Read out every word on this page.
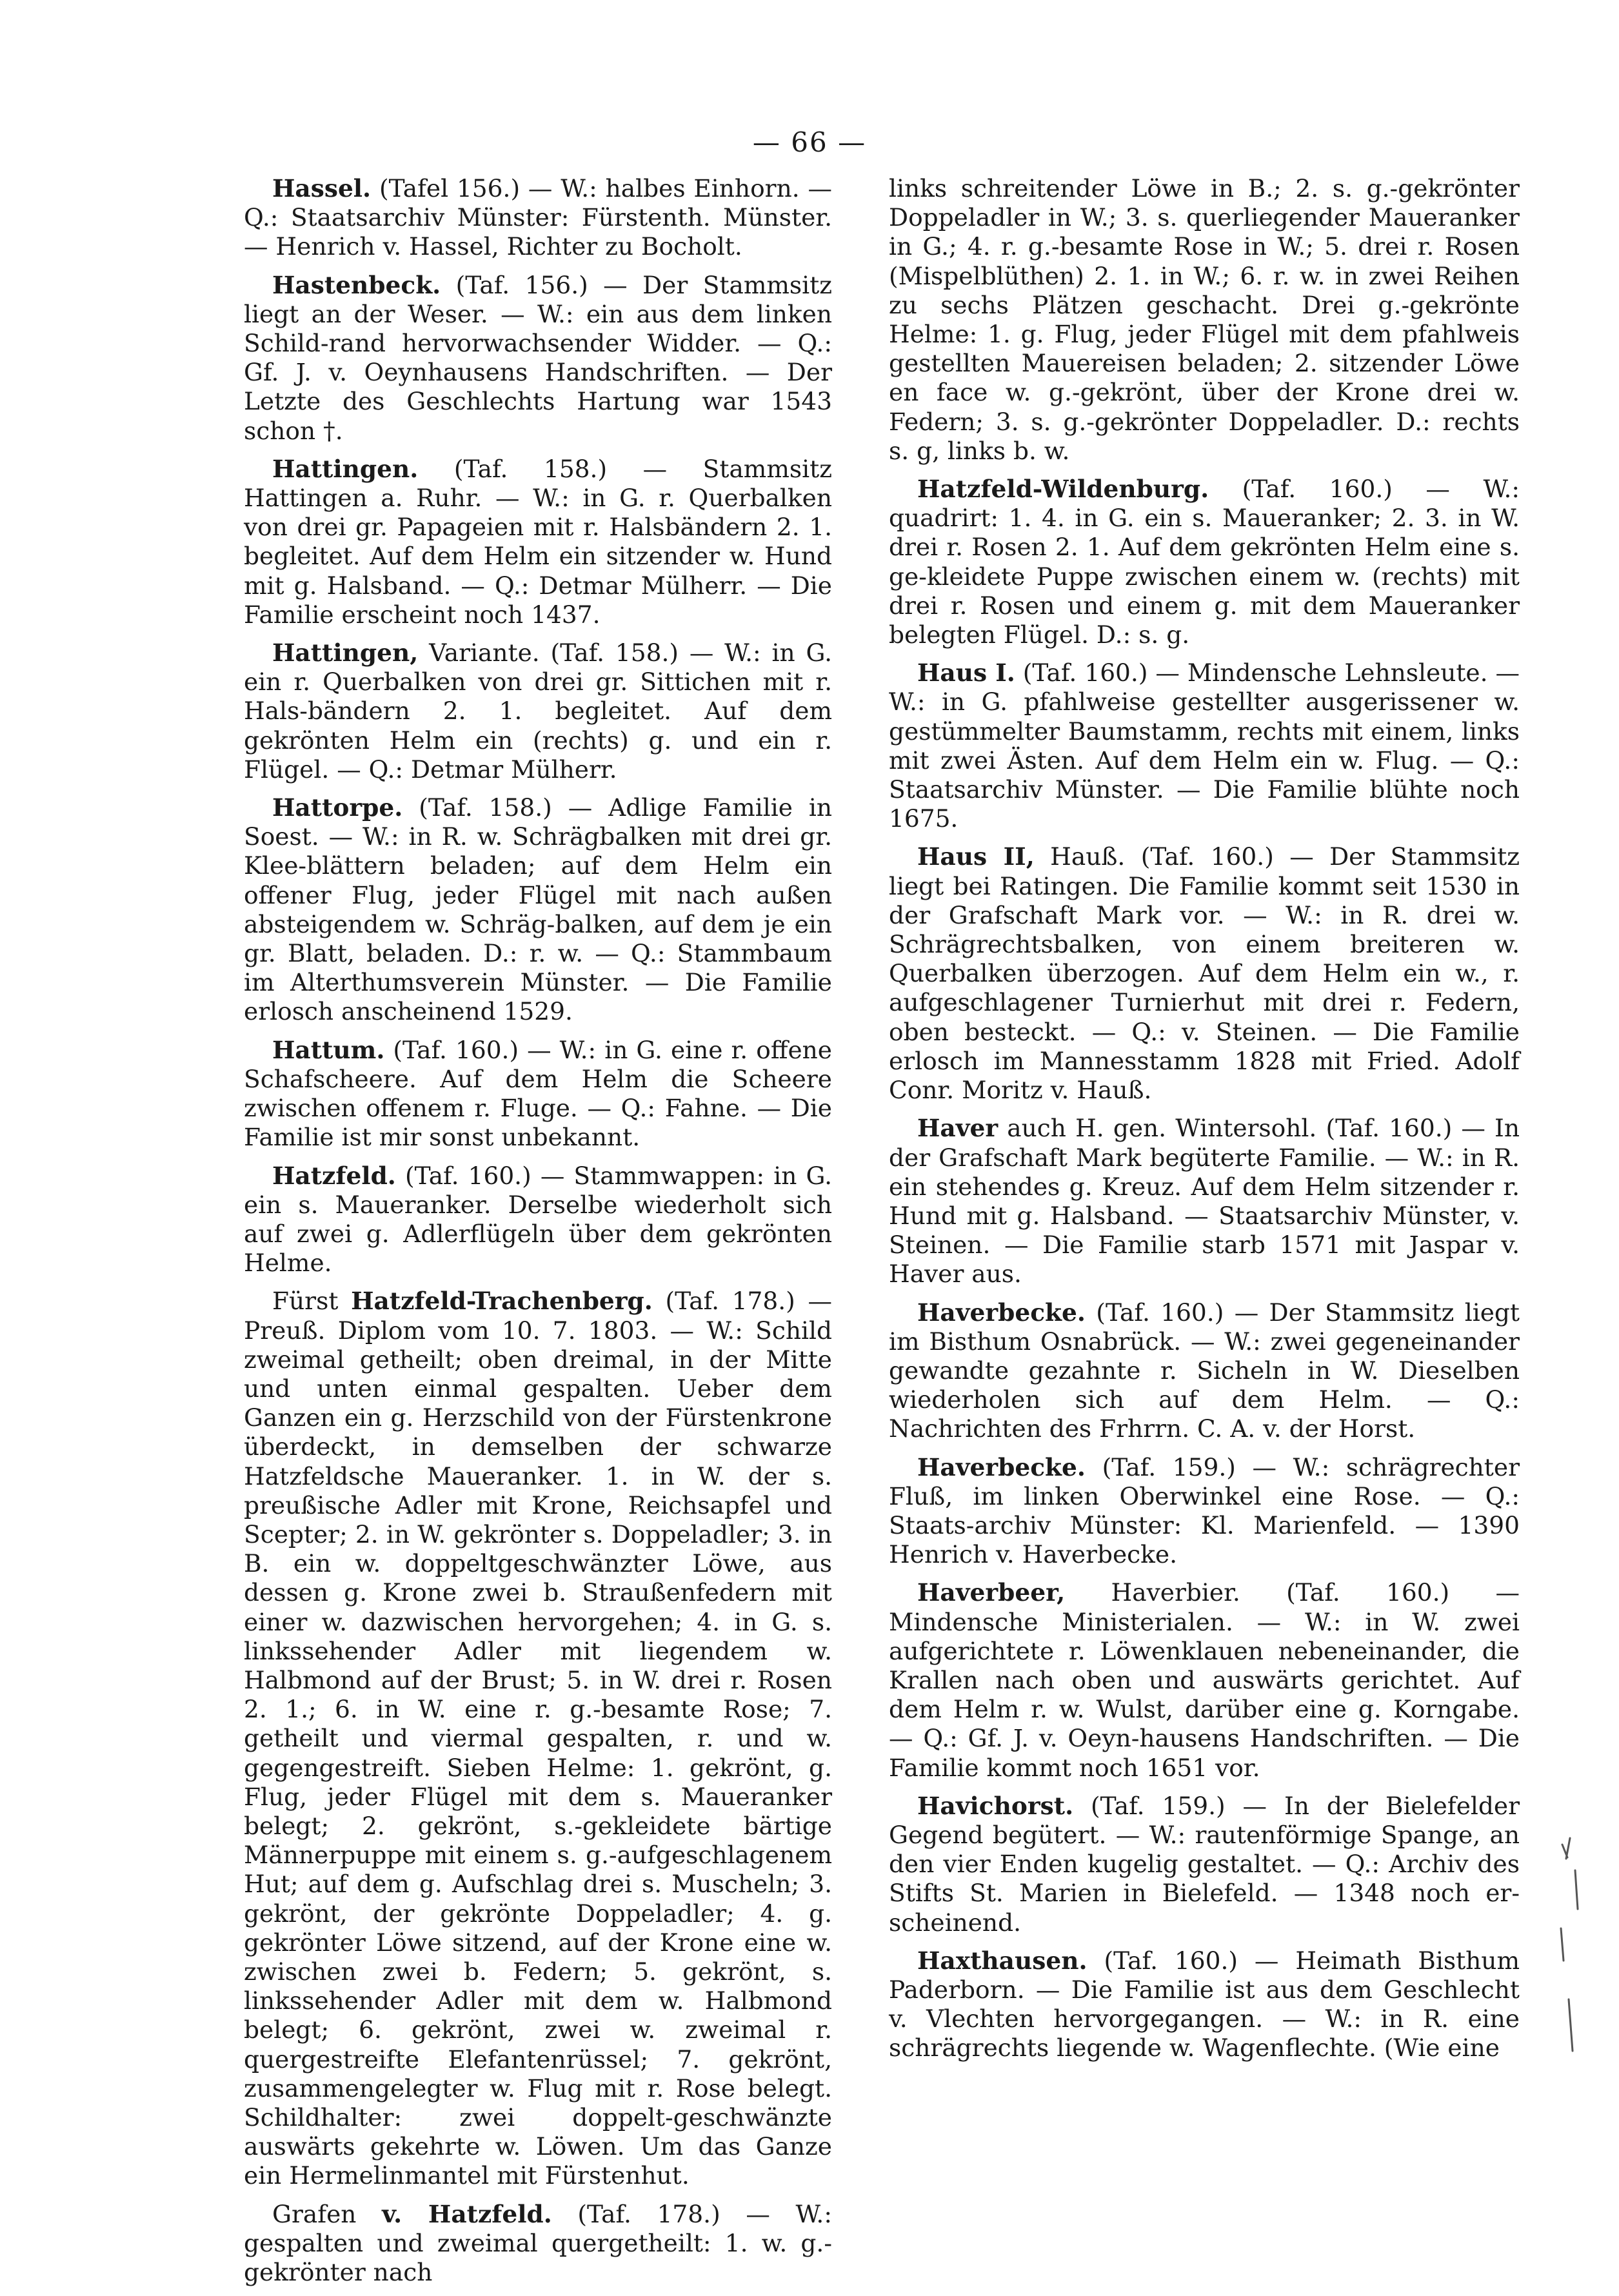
— 66 —

Hassel. (Tafel 156.) — W.: halbes Einhorn. — Q.: Staatsarchiv Münster: Fürstenth. Münster. — Henrich v. Hassel, Richter zu Bocholt.

Hastenbeck. (Taf. 156.) — Der Stammsitz liegt an der Weser. — W.: ein aus dem linken Schild-rand hervorwachsender Widder. — Q.: Gf. J. v. Oeynhausens Handschriften. — Der Letzte des Geschlechts Hartung war 1543 schon †.

Hattingen. (Taf. 158.) — Stammsitz Hattingen a. Ruhr. — W.: in G. r. Querbalken von drei gr. Papageien mit r. Halsbändern 2. 1. begleitet. Auf dem Helm ein sitzender w. Hund mit g. Halsband. — Q.: Detmar Mülherr. — Die Familie erscheint noch 1437.

Hattingen, Variante. (Taf. 158.) — W.: in G. ein r. Querbalken von drei gr. Sittichen mit r. Hals-bändern 2. 1. begleitet. Auf dem gekrönten Helm ein (rechts) g. und ein r. Flügel. — Q.: Detmar Mülherr.

Hattorpe. (Taf. 158.) — Adlige Familie in Soest. — W.: in R. w. Schrägbalken mit drei gr. Klee-blättern beladen; auf dem Helm ein offener Flug, jeder Flügel mit nach außen absteigendem w. Schräg-balken, auf dem je ein gr. Blatt, beladen. D.: r. w. — Q.: Stammbaum im Alterthumsverein Münster. — Die Familie erlosch anscheinend 1529.

Hattum. (Taf. 160.) — W.: in G. eine r. offene Schafscheere. Auf dem Helm die Scheere zwischen offenem r. Fluge. — Q.: Fahne. — Die Familie ist mir sonst unbekannt.

Hatzfeld. (Taf. 160.) — Stammwappen: in G. ein s. Maueranker. Derselbe wiederholt sich auf zwei g. Adlerflügeln über dem gekrönten Helme.

Fürst Hatzfeld-Trachenberg. (Taf. 178.) — Preuß. Diplom vom 10. 7. 1803. — W.: Schild zweimal getheilt; oben dreimal, in der Mitte und unten einmal gespalten. Ueber dem Ganzen ein g. Herzschild von der Fürstenkrone überdeckt, in demselben der schwarze Hatzfeldsche Maueranker. 1. in W. der s. preußische Adler mit Krone, Reichsapfel und Scepter; 2. in W. gekrönter s. Doppeladler; 3. in B. ein w. doppeltgeschwänzter Löwe, aus dessen g. Krone zwei b. Straußenfedern mit einer w. dazwischen hervorgehen; 4. in G. s. linkssehender Adler mit liegendem w. Halbmond auf der Brust; 5. in W. drei r. Rosen 2. 1.; 6. in W. eine r. g.-besamte Rose; 7. getheilt und viermal gespalten, r. und w. gegengestreift. Sieben Helme: 1. gekrönt, g. Flug, jeder Flügel mit dem s. Maueranker belegt; 2. gekrönt, s.-gekleidete bärtige Männerpuppe mit einem s. g.-aufgeschlagenem Hut; auf dem g. Aufschlag drei s. Muscheln; 3. gekrönt, der gekrönte Doppeladler; 4. g. gekrönter Löwe sitzend, auf der Krone eine w. zwischen zwei b. Federn; 5. gekrönt, s. linkssehender Adler mit dem w. Halbmond belegt; 6. gekrönt, zwei w. zweimal r. quergestreifte Elefantenrüssel; 7. gekrönt, zusammengelegter w. Flug mit r. Rose belegt. Schildhalter: zwei doppelt-geschwänzte auswärts gekehrte w. Löwen. Um das Ganze ein Hermelinmantel mit Fürstenhut.

Grafen v. Hatzfeld. (Taf. 178.) — W.: gespalten und zweimal quergetheilt: 1. w. g.-gekrönter nach

links schreitender Löwe in B.; 2. s. g.-gekrönter Doppeladler in W.; 3. s. querliegender Maueranker in G.; 4. r. g.-besamte Rose in W.; 5. drei r. Rosen (Mispelblüthen) 2. 1. in W.; 6. r. w. in zwei Reihen zu sechs Plätzen geschacht. Drei g.-gekrönte Helme: 1. g. Flug, jeder Flügel mit dem pfahlweis gestellten Mauereisen beladen; 2. sitzender Löwe en face w. g.-gekrönt, über der Krone drei w. Federn; 3. s. g.-gekrönter Doppeladler. D.: rechts s. g, links b. w.

Hatzfeld-Wildenburg. (Taf. 160.) — W.: quadrirt: 1. 4. in G. ein s. Maueranker; 2. 3. in W. drei r. Rosen 2. 1. Auf dem gekrönten Helm eine s. ge-kleidete Puppe zwischen einem w. (rechts) mit drei r. Rosen und einem g. mit dem Maueranker belegten Flügel. D.: s. g.

Haus I. (Taf. 160.) — Mindensche Lehnsleute. — W.: in G. pfahlweise gestellter ausgerissener w. gestümmelter Baumstamm, rechts mit einem, links mit zwei Ästen. Auf dem Helm ein w. Flug. — Q.: Staatsarchiv Münster. — Die Familie blühte noch 1675.

Haus II, Hauß. (Taf. 160.) — Der Stammsitz liegt bei Ratingen. Die Familie kommt seit 1530 in der Grafschaft Mark vor. — W.: in R. drei w. Schrägrechtsbalken, von einem breiteren w. Querbalken überzogen. Auf dem Helm ein w., r. aufgeschlagener Turnierhut mit drei r. Federn, oben besteckt. — Q.: v. Steinen. — Die Familie erlosch im Mannesstamm 1828 mit Fried. Adolf Conr. Moritz v. Hauß.

Haver auch H. gen. Wintersohl. (Taf. 160.) — In der Grafschaft Mark begüterte Familie. — W.: in R. ein stehendes g. Kreuz. Auf dem Helm sitzender r. Hund mit g. Halsband. — Staatsarchiv Münster, v. Steinen. — Die Familie starb 1571 mit Jaspar v. Haver aus.

Haverbecke. (Taf. 160.) — Der Stammsitz liegt im Bisthum Osnabrück. — W.: zwei gegeneinander gewandte gezahnte r. Sicheln in W. Dieselben wiederholen sich auf dem Helm. — Q.: Nachrichten des Frhrrn. C. A. v. der Horst.

Haverbecke. (Taf. 159.) — W.: schrägrechter Fluß, im linken Oberwinkel eine Rose. — Q.: Staats-archiv Münster: Kl. Marienfeld. — 1390 Henrich v. Haverbecke.

Haverbeer, Haverbier. (Taf. 160.) — Mindensche Ministerialen. — W.: in W. zwei aufgerichtete r. Löwenklauen nebeneinander, die Krallen nach oben und auswärts gerichtet. Auf dem Helm r. w. Wulst, darüber eine g. Korngabe. — Q.: Gf. J. v. Oeyn-hausens Handschriften. — Die Familie kommt noch 1651 vor.

Havichorst. (Taf. 159.) — In der Bielefelder Gegend begütert. — W.: rautenförmige Spange, an den vier Enden kugelig gestaltet. — Q.: Archiv des Stifts St. Marien in Bielefeld. — 1348 noch er-scheinend.

Haxthausen. (Taf. 160.) — Heimath Bisthum Paderborn. — Die Familie ist aus dem Geschlecht v. Vlechten hervorgegangen. — W.: in R. eine schrägrechts liegende w. Wagenflechte. (Wie eine
